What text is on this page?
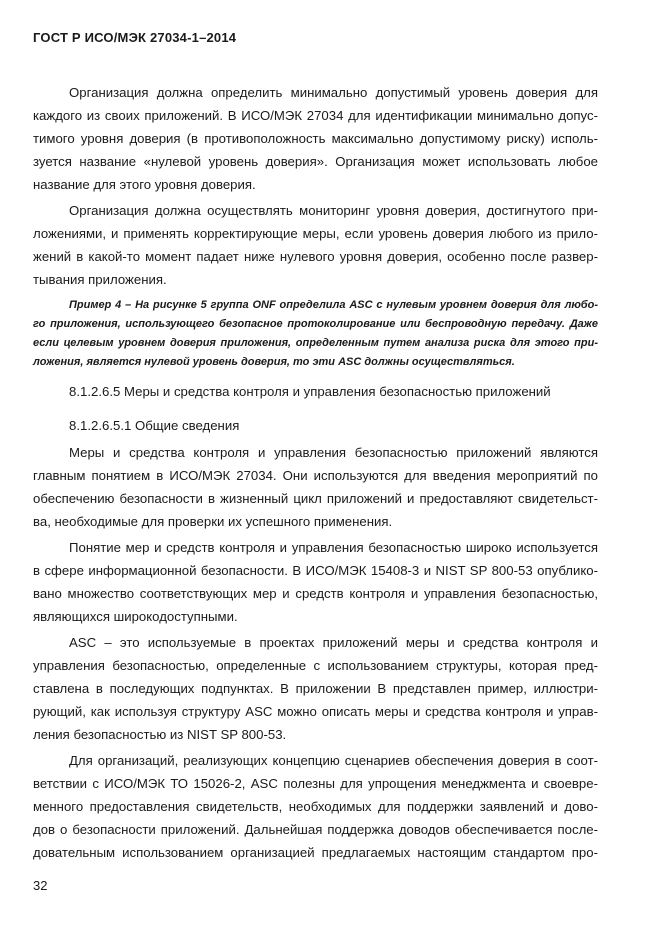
ГОСТ Р ИСО/МЭК 27034-1–2014
Организация должна определить минимально допустимый уровень доверия для
каждого из своих приложений. В ИСО/МЭК 27034 для идентификации минимально допус-
тимого уровня доверия (в противоположность максимально допустимому риску) исполь-
зуется название «нулевой уровень доверия». Организация может использовать любое
название для этого уровня доверия.
Организация должна осуществлять мониторинг уровня доверия, достигнутого при-
ложениями, и применять корректирующие меры, если уровень доверия любого из прило-
жений в какой-то момент падает ниже нулевого уровня доверия, особенно после развер-
тывания приложения.
Пример 4 – На рисунке 5 группа ONF определила ASC с нулевым уровнем доверия для любо-
го приложения, использующего безопасное протоколирование или беспроводную передачу. Даже
если целевым уровнем доверия приложения, определенным путем анализа риска для этого при-
ложения, является нулевой уровень доверия, то эти ASC должны осуществляться.
8.1.2.6.5 Меры и средства контроля и управления безопасностью приложений
8.1.2.6.5.1 Общие сведения
Меры и средства контроля и управления безопасностью приложений являются
главным понятием в ИСО/МЭК 27034. Они используются для введения мероприятий по
обеспечению безопасности в жизненный цикл приложений и предоставляют свидетельст-
ва, необходимые для проверки их успешного применения.
Понятие мер и средств контроля и управления безопасностью широко используется
в сфере информационной безопасности. В ИСО/МЭК 15408-3 и NIST SP 800-53 опублико-
вано множество соответствующих мер и средств контроля и управления безопасностью,
являющихся широкодоступными.
ASC – это используемые в проектах приложений меры и средства контроля и
управления безопасностью, определенные с использованием структуры, которая пред-
ставлена в последующих подпунктах. В приложении В представлен пример, иллюстри-
рующий, как используя структуру ASC можно описать меры и средства контроля и управ-
ления безопасностью из NIST SP 800-53.
Для организаций, реализующих концепцию сценариев обеспечения доверия в соот-
ветствии с ИСО/МЭК ТО 15026-2, ASC полезны для упрощения менеджмента и своевре-
менного предоставления свидетельств, необходимых для поддержки заявлений и дово-
дов о безопасности приложений. Дальнейшая поддержка доводов обеспечивается после-
довательным использованием организацией предлагаемых настоящим стандартом про-
32
